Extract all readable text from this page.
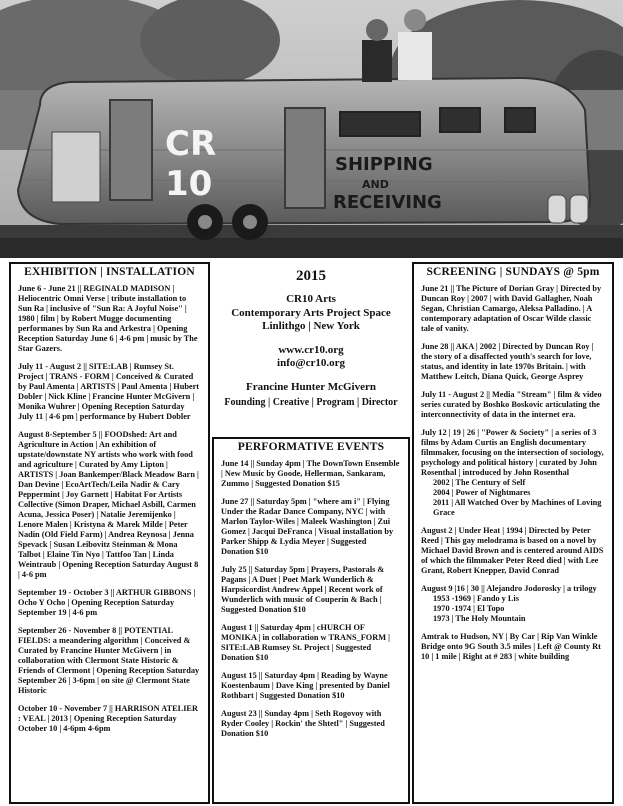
CR
10	SHIPPING
AND
RECEIVING
EXHIBITION | INSTALLATION

June 6 - June 21 || REGINALD MADISON | Heliocentric Omni Verse | tribute installation to Sun Ra | inclusive of "Sun Ra: A Joyful Noise" | 1980 | film | by Robert Mugge documenting performanes by Sun Ra and Arkestra | Opening Reception Saturday June 6 | 4-6 pm | music by The Star Gazers.

July 11 - August 2 || SITE:LAB | Rumsey St. Project | TRANS - FORM | Conceived & Curated by Paul Amenta | ARTISTS | Paul Amenta | Hubert Dobler | Nick Kline | Francine Hunter McGivern | Monika Wuhrer | Opening Reception Saturday July 11 | 4-6 pm | performance by Hubert Dobler

August 8-September 5 || FOODshed: Art and Agriculture in Action | An exhibition of upstate/downstate NY artists who work with food and agriculture | Curated by Amy Lipton | ARTISTS | Joan Bankemper/Black Meadow Barn | Dan Devine | EcoArtTech/Leila Nadir & Cary Peppermint | Joy Garnett | Habitat For Artists Collective (Simon Draper, Michael Asbill, Carmen Acuna, Jessica Poser) | Natalie Jeremijenko | Lenore Malen | Kristyna & Marek Milde | Peter Nadin (Old Field Farm) | Andrea Reynosa | Jenna Spevack | Susan Leibovitz Steinman & Mona Talbot | Elaine Tin Nyo | Tattfoo Tan | Linda Weintraub | Opening Reception Saturday August 8 | 4-6 pm

September 19 - October 3 || ARTHUR GIBBONS | Ocho Y Ocho | Opening Reception Saturday September 19 | 4-6 pm

September 26 - November 8 || POTENTIAL FIELDS: a meandering algorithm | Conceived & Curated by Francine Hunter McGivern | in collaboration with Clermont State Historic & Friends of Clermont | Opening Reception Saturday September 26 | 3-6pm | on site @ Clermont State Historic

October 10 - November 7 || HARRISON ATELIER : VEAL | 2013 | Opening Reception Saturday October 10 | 4-6pm 4-6pm

2015

CR10 Arts

Contemporary Arts Project Space

Linlithgo | New York

www.cr10.org

info@cr10.org

Francine Hunter McGivern

Founding | Creative | Program | Director

PERFORMATIVE EVENTS

June 14 || Sunday 4pm | The DownTown Ensemble | New Music by Goode, Hellerman, Sankaram, Zummo | Suggested Donation $15

June 27 || Saturday 5pm | "where am i" | Flying Under the Radar Dance Company, NYC | with Marlon Taylor-Wiles | Maleek Washington | Zui Gomez | Jacqui DeFranca | Visual installation by Parker Shipp & Lydia Meyer | Suggested Donation $10

July 25 || Saturday 5pm | Prayers, Pastorals & Pagans | A Duet | Poet Mark Wunderlich & Harpsicordist Andrew Appel | Recent work of Wunderlich with music of Couperin & Bach | Suggested Donation $10

August 1 || Saturday 4pm | cHURCH OF MONIKA | in collaboration w TRANS_FORM | SITE:LAB Rumsey St. Project | Suggested Donation $10

August 15 || Saturday 4pm | Reading by Wayne Koestenbaum | Dave King | presented by Daniel Rothbart | Suggested Donation $10

August 23 || Sunday 4pm | Seth Rogovoy with Ryder Cooley | Rockin' the Shtetl" | Suggested Donation $10

SCREENING | SUNDAYS @ 5pm

June 21 || The Picture of Dorian Gray | Directed by Duncan Roy | 2007 | with David Gallagher, Noah Segan, Christian Camargo, Aleksa Palladino. | A contemporary adaptation of Oscar Wilde classic tale of vanity.

June 28 || AKA | 2002 | Directed by Duncan Roy | the story of a disaffected youth's search for love, status, and identity in late 1970s Britain. | with Matthew Leitch, Diana Quick, George Asprey

July 11 - August 2 || Media "Stream" | film & video series curated by Boshko Boskovic articulating the interconnectivity of data in the internet era.

July 12 | 19 | 26 | "Power & Society" | a series of 3 films by Adam Curtis an English documentary filmmaker, focusing on the intersection of sociology, psychology and political history | curated by John Rosenthal | introduced by John Rosenthal
2002 | The Century of Self
2004 | Power of Nightmares
2011 | All Watched Over by Machines of Loving Grace

August 2 | Under Heat | 1994 | Directed by Peter Reed | This gay melodrama is based on a novel by Michael David Brown and is centered around AIDS of which the filmmaker Peter Reed died | with Lee Grant, Robert Knepper, David Conrad

August 9 |16 | 30 || Alejandro Jodorosky | a trilogy
1953 -1969 | Fando y Lis
1970 -1974 | El Topo
1973 | The Holy Mountain

Amtrak to Hudson, NY | By Car | Rip Van Winkle Bridge onto 9G South 3.5 miles | Left @ County Rt 10 | 1 mile | Right at # 283 | white building
